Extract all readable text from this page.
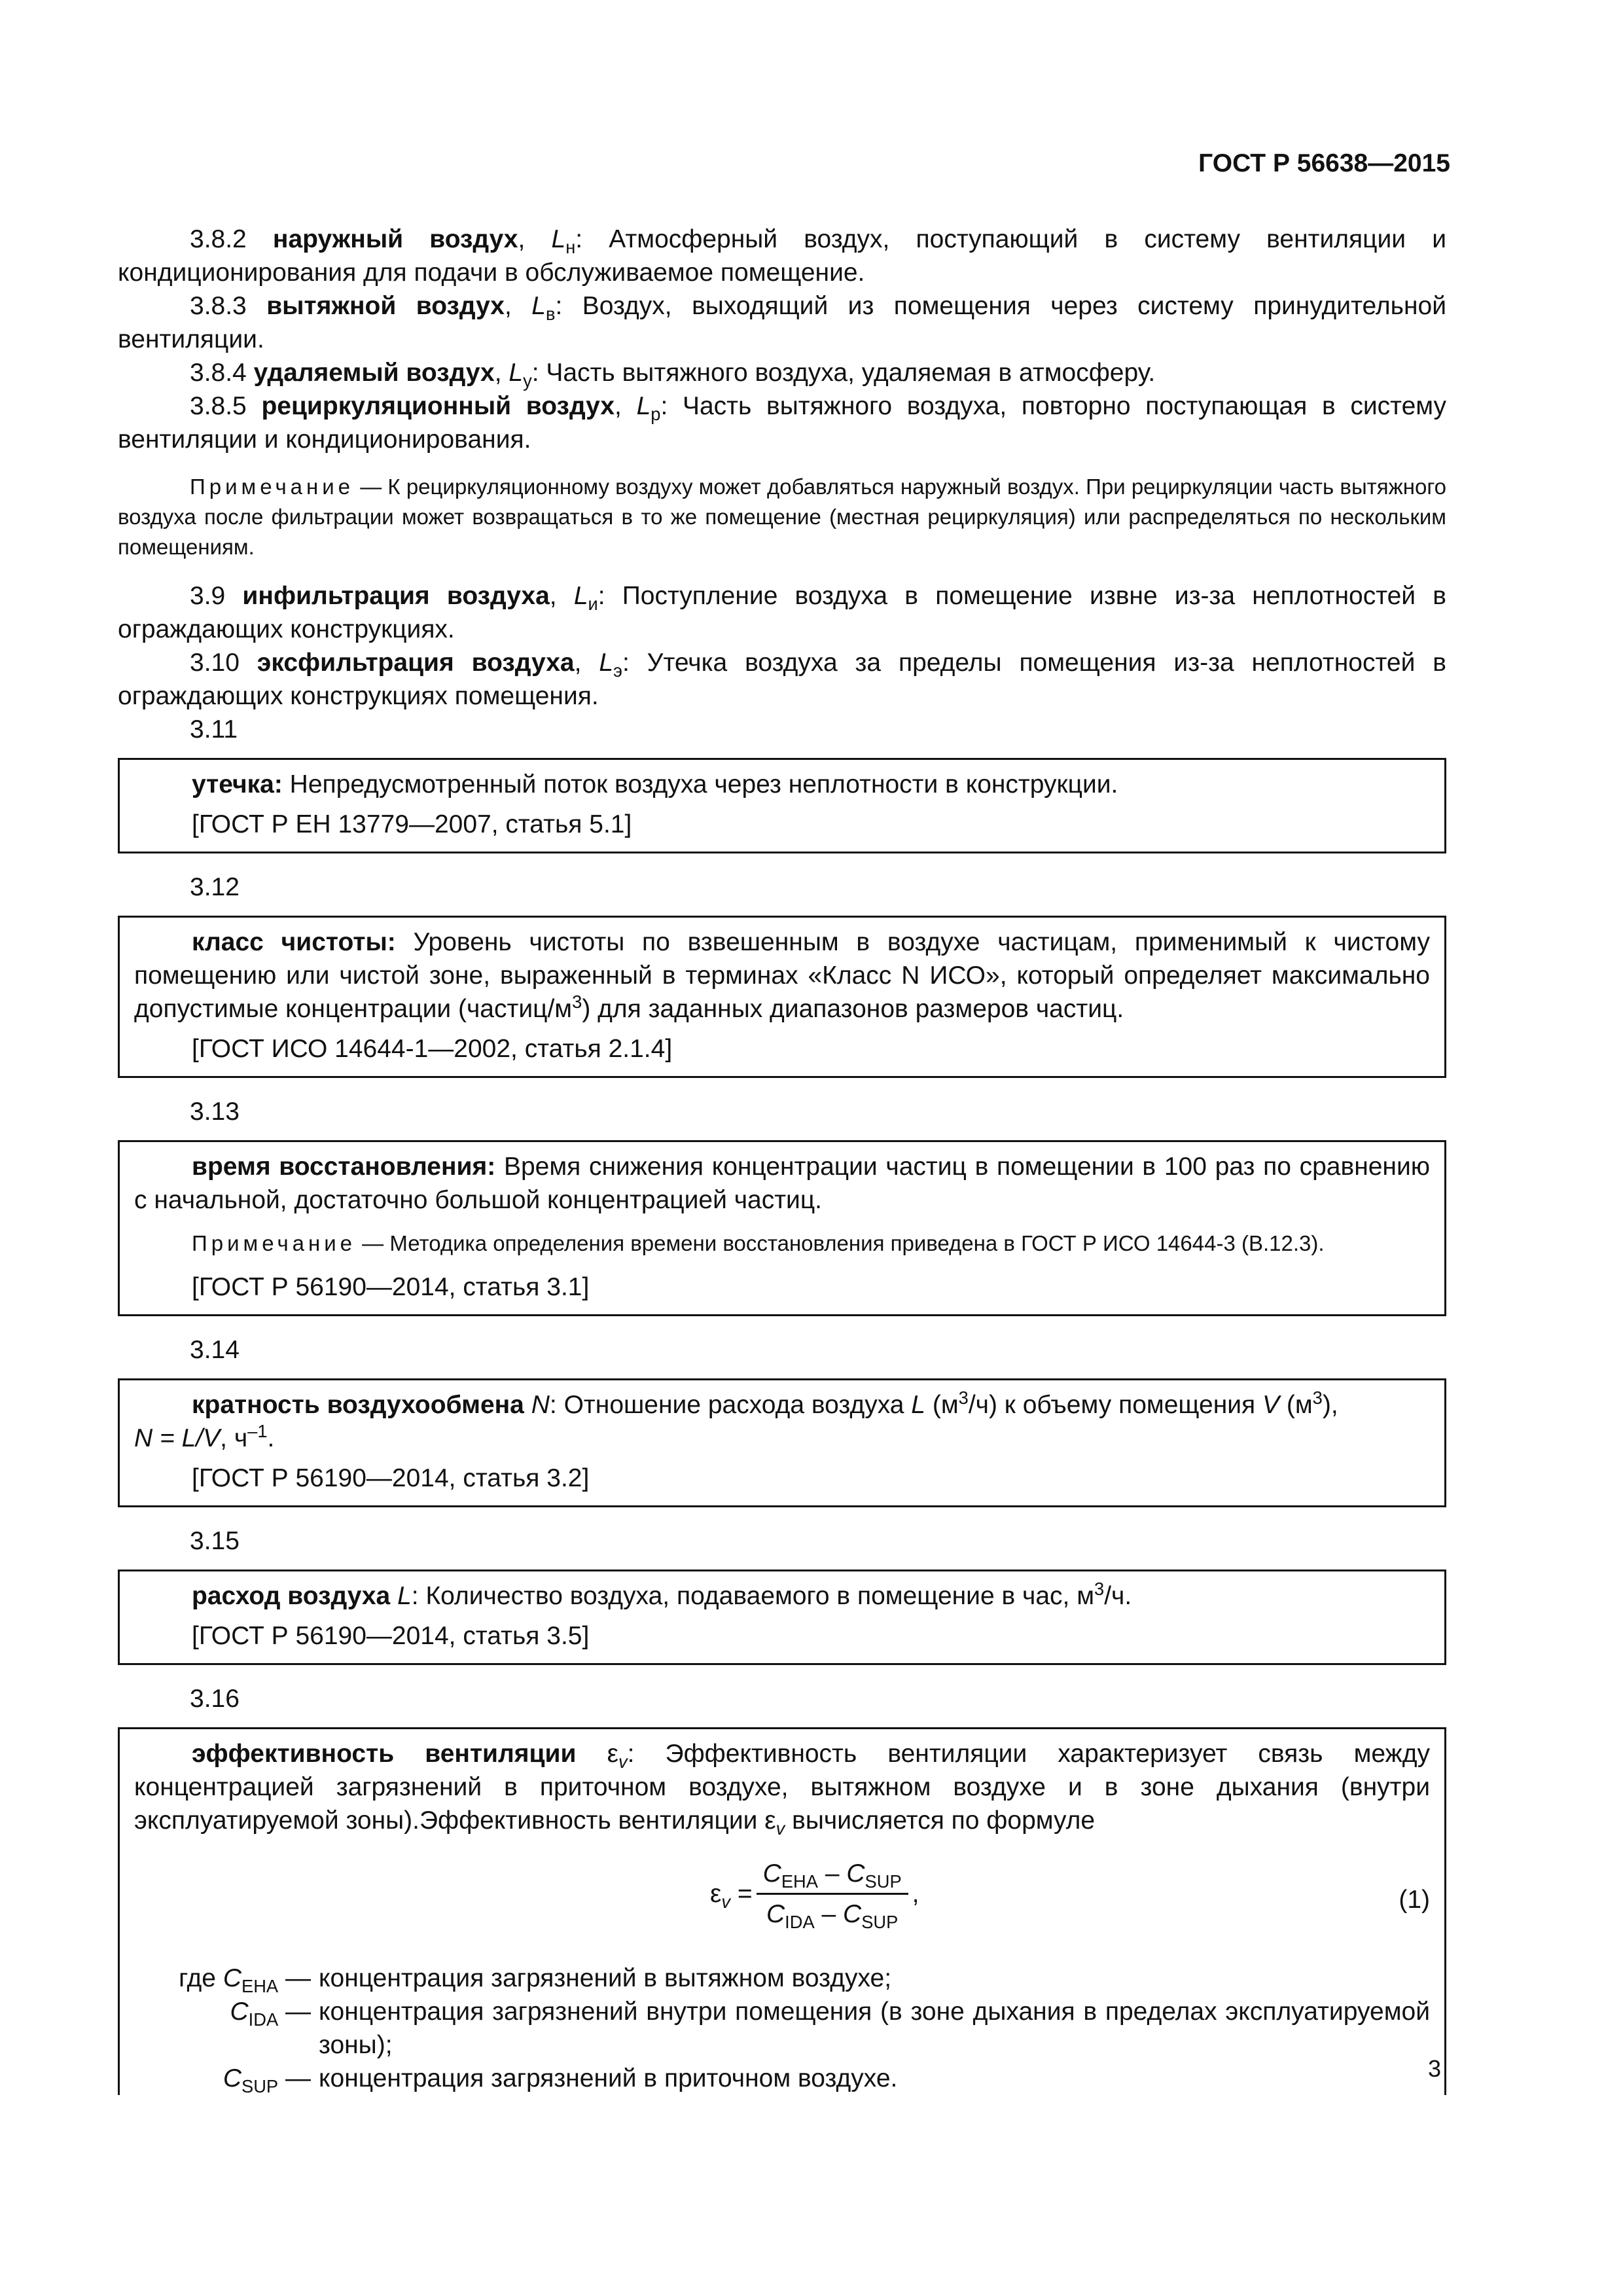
ГОСТ Р 56638—2015

3.8.2 наружный воздух, $L_н$: Атмосферный воздух, поступающий в систему вентиляции и кондиционирования для подачи в обслуживаемое помещение.

3.8.3 вытяжной воздух, $L_в$: Воздух, выходящий из помещения через систему принудительной вентиляции.

3.8.4 удаляемый воздух, $L_у$: Часть вытяжного воздуха, удаляемая в атмосферу.

3.8.5 рециркуляционный воздух, $L_р$: Часть вытяжного воздуха, повторно поступающая в систему вентиляции и кондиционирования.

Примечание — К рециркуляционному воздуху может добавляться наружный воздух. При рециркуляции часть вытяжного воздуха после фильтрации может возвращаться в то же помещение (местная рециркуляция) или распределяться по нескольким помещениям.

3.9 инфильтрация воздуха, $L_и$: Поступление воздуха в помещение извне из-за неплотностей в ограждающих конструкциях.

3.10 эксфильтрация воздуха, $L_э$: Утечка воздуха за пределы помещения из-за неплотностей в ограждающих конструкциях помещения.

3.11

утечка: Непредусмотренный поток воздуха через неплотности в конструкции.

[ГОСТ Р ЕН 13779—2007, статья 5.1]

3.12

класс чистоты: Уровень чистоты по взвешенным в воздухе частицам, применимый к чистому помещению или чистой зоне, выраженный в терминах «Класс N ИСО», который определяет максимально допустимые концентрации $(частиц/м^3)$ для заданных диапазонов размеров частиц.

[ГОСТ ИСО 14644-1—2002, статья 2.1.4]

3.13

время восстановления: Время снижения концентрации частиц в помещении в 100 раз по сравнению с начальной, достаточно большой концентрацией частиц.

Примечание — Методика определения времени восстановления приведена в ГОСТ Р ИСО 14644-3 (В.12.3).

[ГОСТ Р 56190—2014, статья 3.1]

3.14

кратность воздухообмена N: Отношение расхода воздуха L $(м^3/ч)$ к объему помещения V $(м^3)$,

N = L/V, $ч^{-1}$.
[ГОСТ Р 56190—2014, статья 3.2]

3.15

расход воздуха L: Количество воздуха, подаваемого в помещение в час, $м^3/ч$.

[ГОСТ Р 56190—2014, статья 3.5]

3.16

эффективность вентиляции $\varepsilon_v$: Эффективность вентиляции характеризует связь между концентрацией загрязнений в приточном воздухе, вытяжном воздухе и в зоне дыхания (внутри эксплуатируемой зоны).Эффективность вентиляции $\varepsilon_v$ вычисляется по формуле

$\varepsilon_v = \frac{C_{EHA} - C_{SUP}}{C_{IDA} - C_{SUP}}$ ,	(1)
где $C_{EHA}$ — концентрация загрязнений в вытяжном воздухе;
$C_{IDA}$ — концентрация загрязнений внутри помещения (в зоне дыхания в пределах эксплуатируемой зоны);
$C_{SUP}$ — концентрация загрязнений в приточном воздухе.	3
